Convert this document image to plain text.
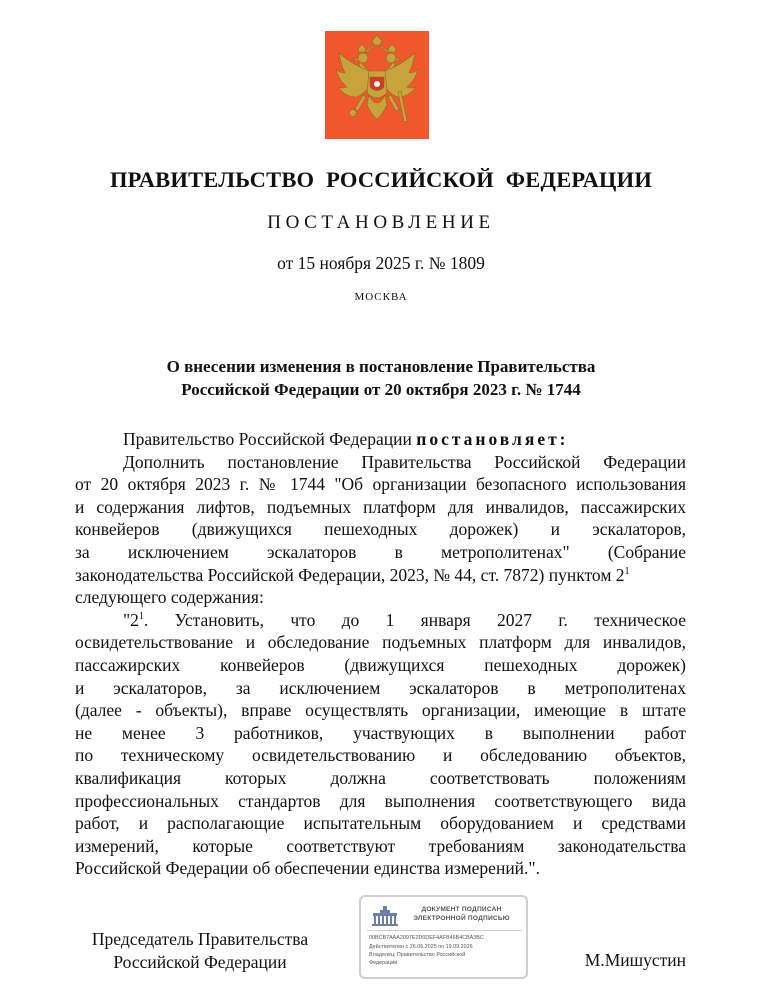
ПРАВИТЕЛЬСТВО РОССИЙСКОЙ ФЕДЕРАЦИИ
ПОСТАНОВЛЕНИЕ
от 15 ноября 2025 г. № 1809
МОСКВА
О внесении изменения в постановление Правительства
Российской Федерации от 20 октября 2023 г. № 1744
Правительство Российской Федерации постановляет:
Дополнить постановление Правительства Российской Федерации
от 20 октября 2023 г. № 1744 "Об организации безопасного использования
и содержания лифтов, подъемных платформ для инвалидов, пассажирских
конвейеров (движущихся пешеходных дорожек) и эскалаторов,
за исключением эскалаторов в метрополитенах" (Собрание
законодательства Российской Федерации, 2023, № 44, ст. 7872) пунктом $2^1$
следующего содержания:
"$2^1$. Установить, что до 1 января 2027 г. техническое
освидетельствование и обследование подъемных платформ для инвалидов,
пассажирских конвейеров (движущихся пешеходных дорожек)
и эскалаторов, за исключением эскалаторов в метрополитенах
(далее - объекты), вправе осуществлять организации, имеющие в штате
не менее 3 работников, участвующих в выполнении работ
по техническому освидетельствованию и обследованию объектов,
квалификация которых должна соответствовать положениям
профессиональных стандартов для выполнения соответствующего вида
работ, и располагающие испытательным оборудованием и средствами
измерений, которые соответствуют требованиям законодательства
Российской Федерации об обеспечении единства измерений.".
Председатель Правительства
Российской Федерации
ДОКУМЕНТ ПОДПИСАН
ЭЛЕКТРОННОЙ ПОДПИСЬЮ
00BCB7AAA2097E2D0DEF4AFB46B4CBA3BC
Действителен с 26.06.2025 по 19.09.2026
Владелец: Правительство Российской
Федерации	М.Мишустин
